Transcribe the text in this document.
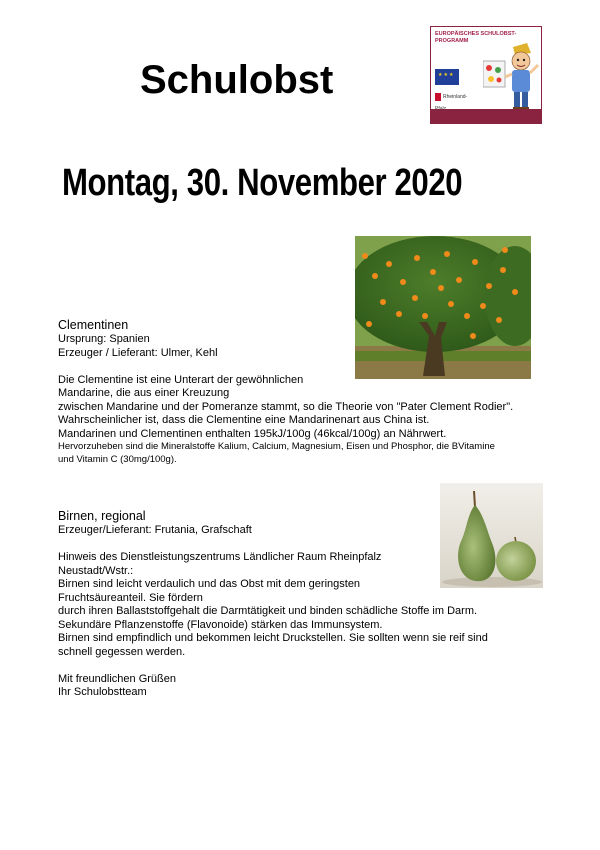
Schulobst
EUROPÄISCHES SCHULOBST-
PROGRAMM
★★★
Rheinland-
Montag, 30. November 2020

Clementinen

Ursprung: Spanien

Erzeuger / Lieferant: Ulmer, Kehl

Die Clementine ist eine Unterart der gewöhnlichen

Mandarine, die aus einer Kreuzung

zwischen Mandarine und der Pomeranze stammt, so die Theorie von "Pater Clement Rodier".

Wahrscheinlicher ist, dass die Clementine eine Mandarinenart aus China ist.

Mandarinen und Clementinen enthalten 195kJ/100g (46kcal/100g) an Nährwert.

Hervorzuheben sind die Mineralstoffe Kalium, Calcium, Magnesium, Eisen und Phosphor, die BVitamine

und Vitamin C (30mg/100g).

Birnen, regional

Erzeuger/Lieferant: Frutania, Grafschaft

Hinweis des Dienstleistungszentrums Ländlicher Raum Rheinpfalz

Neustadt/Wstr.:

Birnen sind leicht verdaulich und das Obst mit dem geringsten

Fruchtsäureanteil. Sie fördern

durch ihren Ballaststoffgehalt die Darmtätigkeit und binden schädliche Stoffe im Darm.

Sekundäre Pflanzenstoffe (Flavonoide) stärken das Immunsystem.

Birnen sind empfindlich und bekommen leicht Druckstellen. Sie sollten wenn sie reif sind

schnell gegessen werden.

Mit freundlichen Grüßen

Ihr Schulobstteam
